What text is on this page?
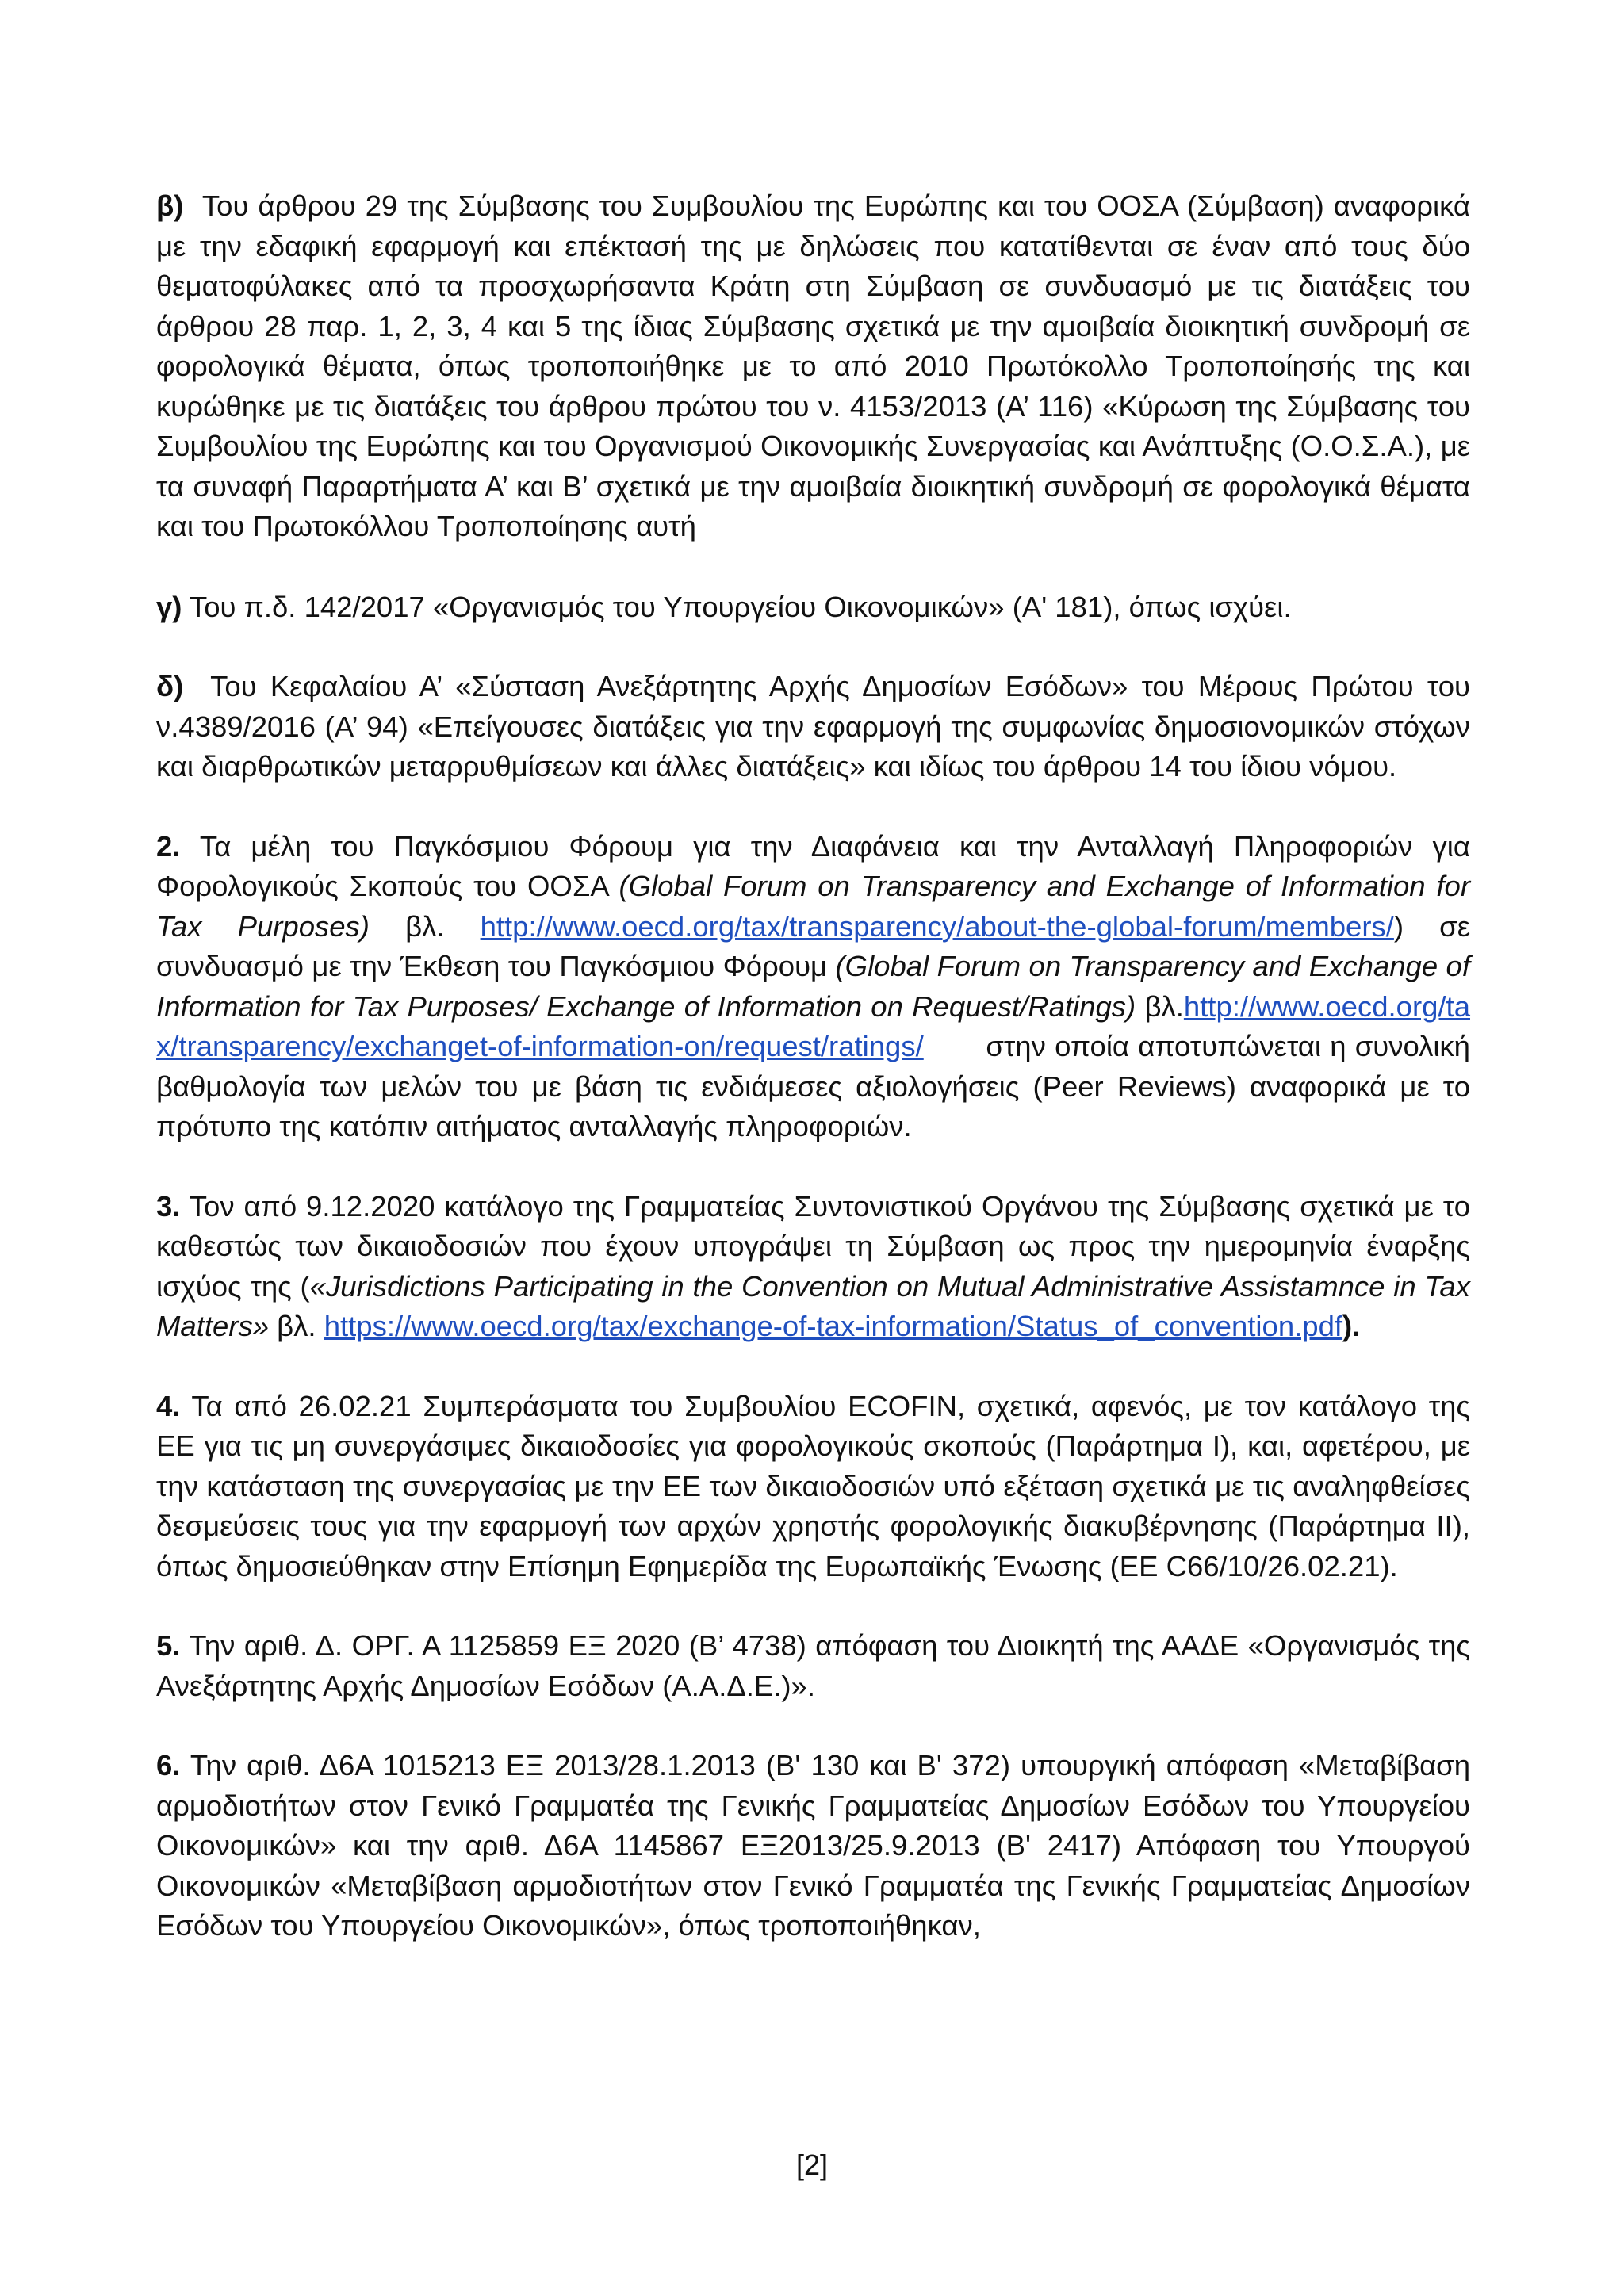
β) Του άρθρου 29 της Σύμβασης του Συμβουλίου της Ευρώπης και του ΟΟΣΑ (Σύμβαση) αναφορικά με την εδαφική εφαρμογή και επέκτασή της με δηλώσεις που κατατίθενται σε έναν από τους δύο θεματοφύλακες από τα προσχωρήσαντα Κράτη στη Σύμβαση σε συνδυασμό με τις διατάξεις του άρθρου 28 παρ. 1, 2, 3, 4 και 5 της ίδιας Σύμβασης σχετικά με την αμοιβαία διοικητική συνδρομή σε φορολογικά θέματα, όπως τροποποιήθηκε με το από 2010 Πρωτόκολλο Τροποποίησής της και κυρώθηκε με τις διατάξεις του άρθρου πρώτου του ν. 4153/2013 (Α’ 116) «Κύρωση της Σύμβασης του Συμβουλίου της Ευρώπης και του Οργανισμού Οικονομικής Συνεργασίας και Ανάπτυξης (Ο.Ο.Σ.Α.), με τα συναφή Παραρτήματα Α’ και Β’ σχετικά με την αμοιβαία διοικητική συνδρομή σε φορολογικά θέματα και του Πρωτοκόλλου Τροποποίησης αυτή

γ) Του π.δ. 142/2017 «Οργανισμός του Υπουργείου Οικονομικών» (Α' 181), όπως ισχύει.

δ) Του Κεφαλαίου Α’ «Σύσταση Ανεξάρτητης Αρχής Δημοσίων Εσόδων» του Μέρους Πρώτου του ν.4389/2016 (Α’ 94) «Επείγουσες διατάξεις για την εφαρμογή της συμφωνίας δημοσιονομικών στόχων και διαρθρωτικών μεταρρυθμίσεων και άλλες διατάξεις» και ιδίως του άρθρου 14 του ίδιου νόμου.

2. Τα μέλη του Παγκόσμιου Φόρουμ για την Διαφάνεια και την Ανταλλαγή Πληροφοριών για Φορολογικούς Σκοπούς του ΟΟΣΑ (Global Forum on Transparency and Exchange of Information for Tax Purposes) βλ. http://www.oecd.org/tax/transparency/about-the-global-forum/members/) σε συνδυασμό με την Έκθεση του Παγκόσμιου Φόρουμ (Global Forum on Transparency and Exchange of Information for Tax Purposes/ Exchange of Information on Request/Ratings) βλ.http://www.oecd.org/tax/transparency/exchanget-of-information-on/request/ratings/ στην οποία αποτυπώνεται η συνολική βαθμολογία των μελών του με βάση τις ενδιάμεσες αξιολογήσεις (Peer Reviews) αναφορικά με το πρότυπο της κατόπιν αιτήματος ανταλλαγής πληροφοριών.

3. Τον από 9.12.2020 κατάλογο της Γραμματείας Συντονιστικού Οργάνου της Σύμβασης σχετικά με το καθεστώς των δικαιοδοσιών που έχουν υπογράψει τη Σύμβαση ως προς την ημερομηνία έναρξης ισχύος της («Jurisdictions Participating in the Convention on Mutual Administrative Assistamnce in Tax Matters» βλ. https://www.oecd.org/tax/exchange-of-tax-information/Status_of_convention.pdf).

4. Τα από 26.02.21 Συμπεράσματα του Συμβουλίου ECOFIN, σχετικά, αφενός, με τον κατάλογο της ΕΕ για τις μη συνεργάσιμες δικαιοδοσίες για φορολογικούς σκοπούς (Παράρτημα Ι), και, αφετέρου, με την κατάσταση της συνεργασίας με την ΕΕ των δικαιοδοσιών υπό εξέταση σχετικά με τις αναληφθείσες δεσμεύσεις τους για την εφαρμογή των αρχών χρηστής φορολογικής διακυβέρνησης (Παράρτημα ΙΙ), όπως δημοσιεύθηκαν στην Επίσημη Εφημερίδα της Ευρωπαϊκής Ένωσης (ΕΕ C66/10/26.02.21).

5. Την αριθ. Δ. ΟΡΓ. Α 1125859 ΕΞ 2020 (Β’ 4738) απόφαση του Διοικητή της ΑΑΔΕ «Οργανισμός της Ανεξάρτητης Αρχής Δημοσίων Εσόδων (Α.Α.Δ.Ε.)».

6. Την αριθ. Δ6Α 1015213 ΕΞ 2013/28.1.2013 (Β' 130 και Β' 372) υπουργική απόφαση «Μεταβίβαση αρμοδιοτήτων στον Γενικό Γραμματέα της Γενικής Γραμματείας Δημοσίων Εσόδων του Υπουργείου Οικονομικών» και την αριθ. Δ6Α 1145867 ΕΞ2013/25.9.2013 (Β' 2417) Απόφαση του Υπουργού Οικονομικών «Μεταβίβαση αρμοδιοτήτων στον Γενικό Γραμματέα της Γενικής Γραμματείας Δημοσίων Εσόδων του Υπουργείου Οικονομικών», όπως τροποποιήθηκαν,

[2]
